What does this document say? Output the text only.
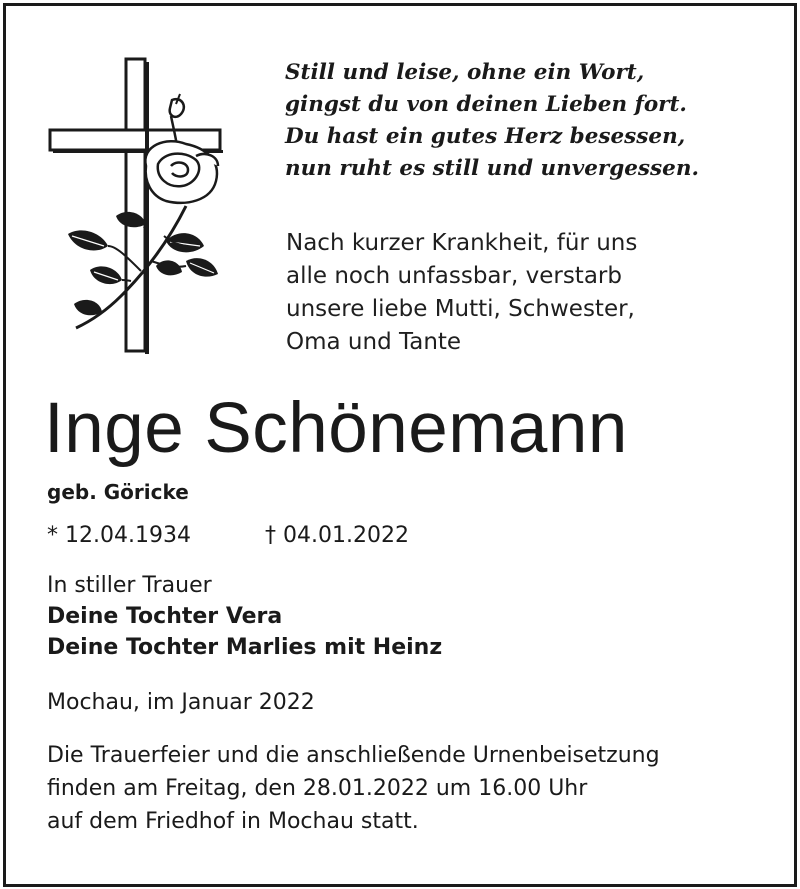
Still und leise, ohne ein Wort,
gingst du von deinen Lieben fort.
Du hast ein gutes Herz besessen,
nun ruht es still und unvergessen.
Nach kurzer Krankheit, für uns
alle noch unfassbar, verstarb
unsere liebe Mutti, Schwester,
Oma und Tante
Inge Schönemann
geb. Göricke
* 12.04.1934	† 04.01.2022
In stiller Trauer
Deine Tochter Vera
Deine Tochter Marlies mit Heinz
Mochau, im Januar 2022
Die Trauerfeier und die anschließende Urnenbeisetzung
finden am Freitag, den 28.01.2022 um 16.00 Uhr
auf dem Friedhof in Mochau statt.
